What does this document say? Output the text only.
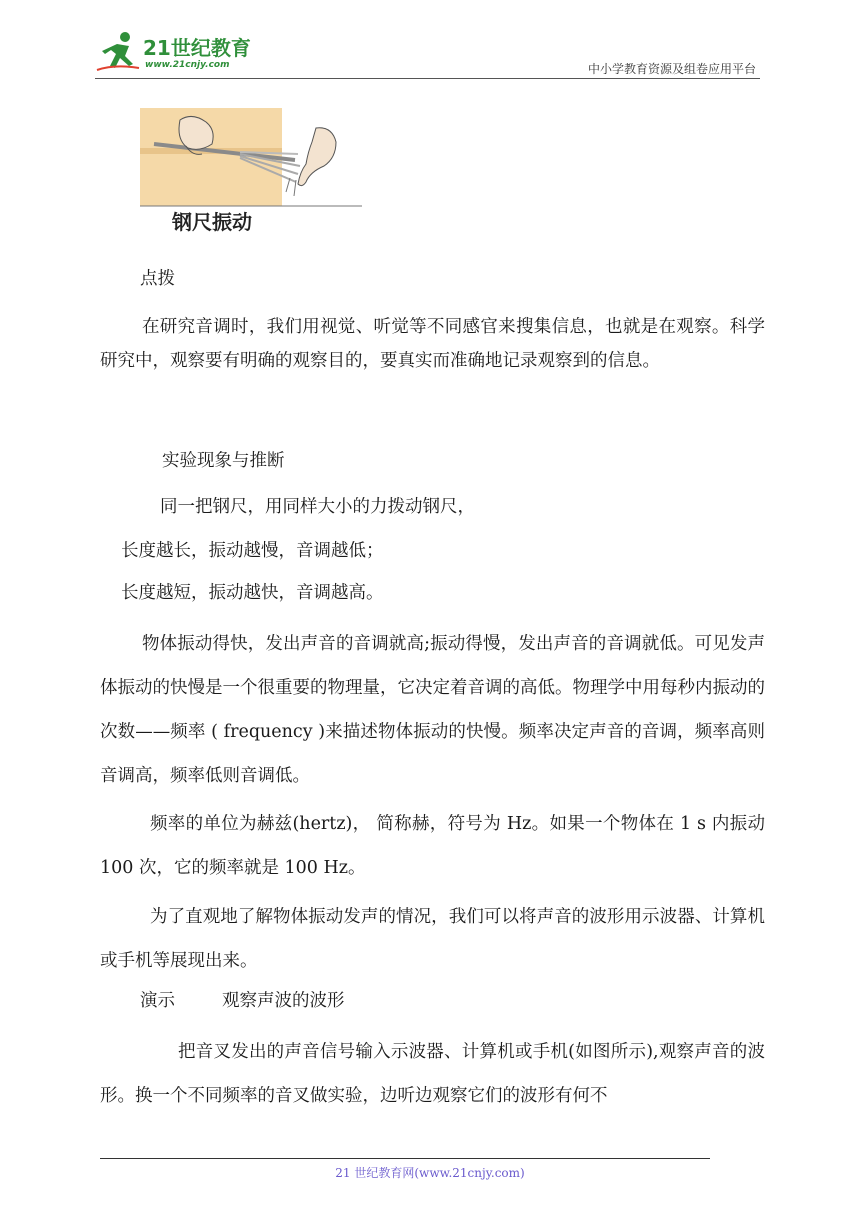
21世纪教育
www.21cnjy.com	中小学教育资源及组卷应用平台
钢尺振动

点拨

在研究音调时，我们用视觉、听觉等不同感官来搜集信息，也就是在观察。科学研究中，观察要有明确的观察目的，要真实而准确地记录观察到的信息。

实验现象与推断

同一把钢尺，用同样大小的力拨动钢尺，

长度越长，振动越慢，音调越低；

长度越短，振动越快，音调越高。

物体振动得快，发出声音的音调就高;振动得慢，发出声音的音调就低。可见发声体振动的快慢是一个很重要的物理量，它决定着音调的高低。物理学中用每秒内振动的次数——频率 ( frequency )来描述物体振动的快慢。频率决定声音的音调，频率高则音调高，频率低则音调低。

频率的单位为赫兹(hertz)， 简称赫，符号为 Hz。如果一个物体在 1 s 内振动 100 次，它的频率就是 100 Hz。

为了直观地了解物体振动发声的情况，我们可以将声音的波形用示波器、计算机或手机等展现出来。

演示	观察声波的波形

把音叉发出的声音信号输入示波器、计算机或手机(如图所示),观察声音的波形。换一个不同频率的音叉做实验，边听边观察它们的波形有何不

21 世纪教育网(www.21cnjy.com)
